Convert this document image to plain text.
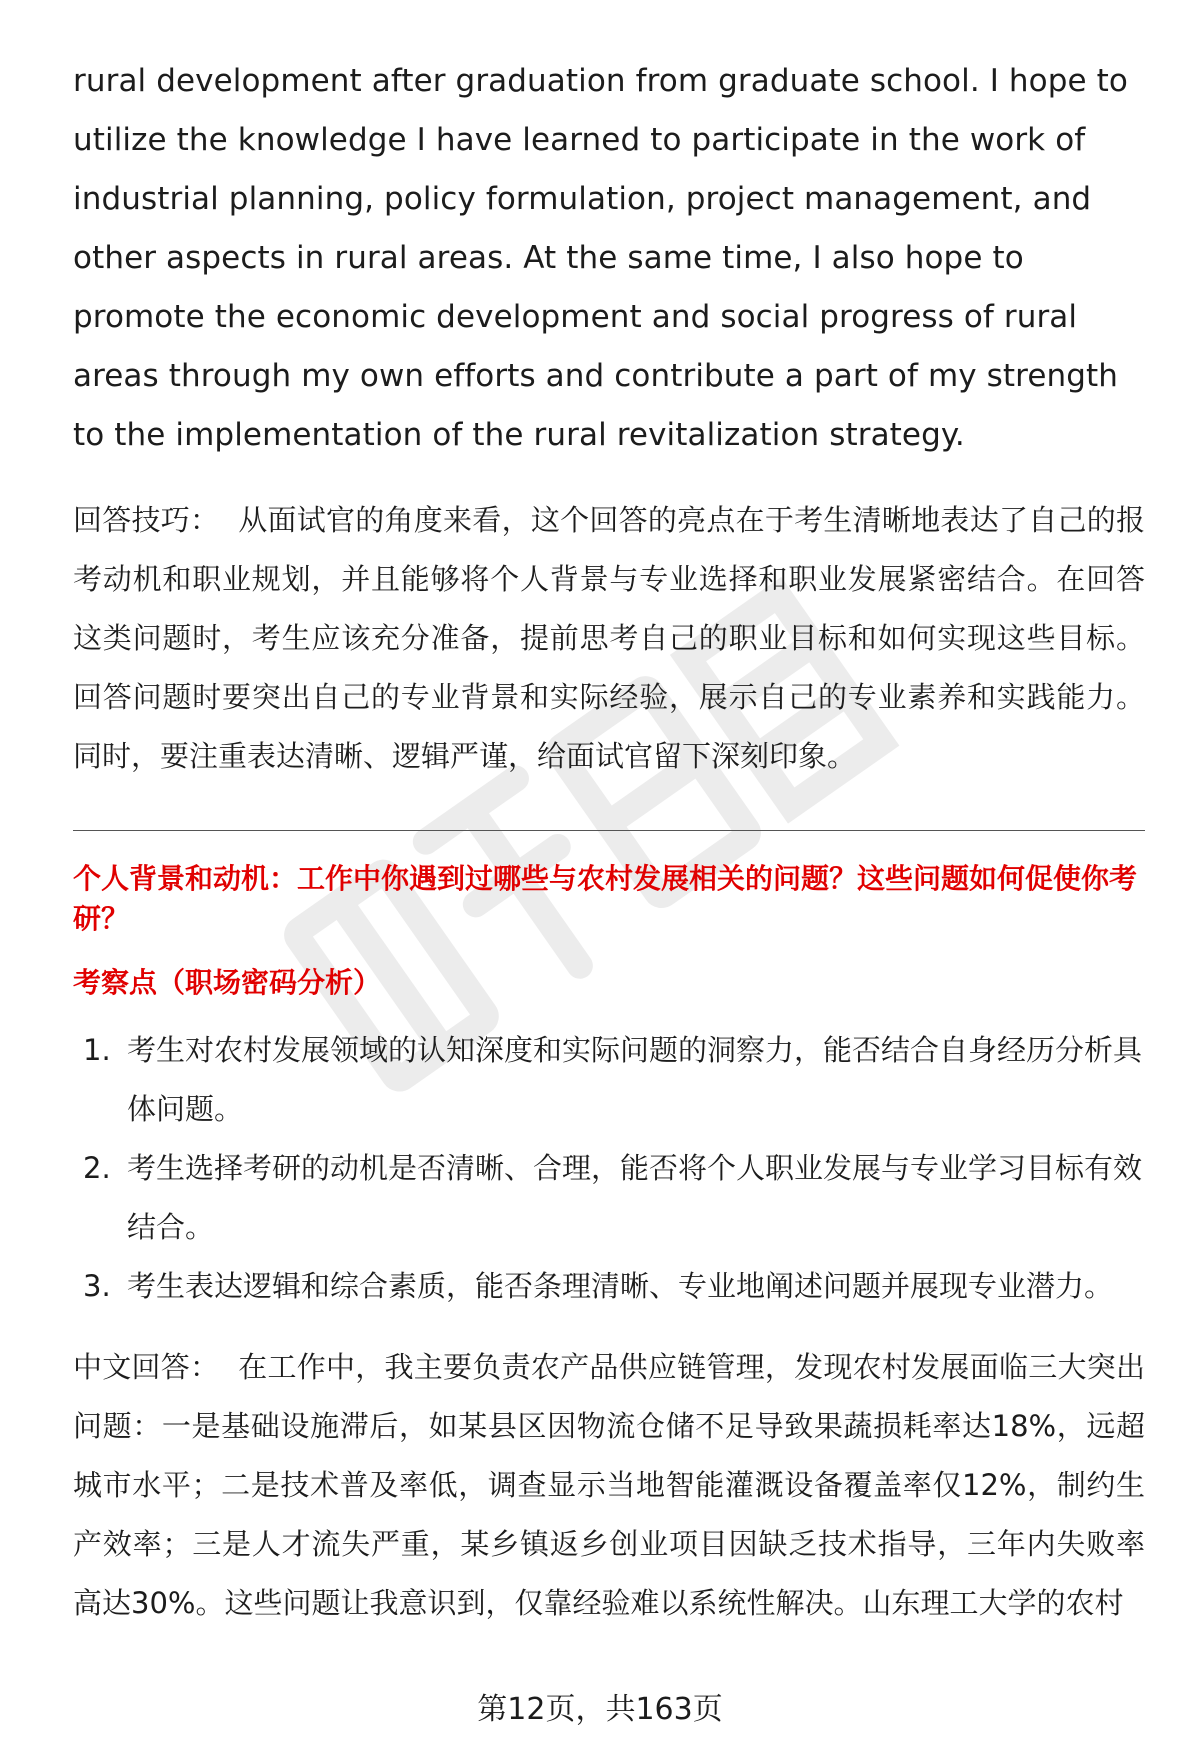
rural development after graduation from graduate school. I hope to utilize the knowledge I have learned to participate in the work of industrial planning, policy formulation, project management, and other aspects in rural areas. At the same time, I also hope to promote the economic development and social progress of rural areas through my own efforts and contribute a part of my strength to the implementation of the rural revitalization strategy.

回答技巧： 从面试官的角度来看，这个回答的亮点在于考生清晰地表达了自己的报考动机和职业规划，并且能够将个人背景与专业选择和职业发展紧密结合。在回答这类问题时，考生应该充分准备，提前思考自己的职业目标和如何实现这些目标。回答问题时要突出自己的专业背景和实际经验，展示自己的专业素养和实践能力。同时，要注重表达清晰、逻辑严谨，给面试官留下深刻印象。

个人背景和动机：工作中你遇到过哪些与农村发展相关的问题？这些问题如何促使你考研？
考察点（职场密码分析）
1. 考生对农村发展领域的认知深度和实际问题的洞察力，能否结合自身经历分析具体问题。
2. 考生选择考研的动机是否清晰、合理，能否将个人职业发展与专业学习目标有效结合。
3. 考生表达逻辑和综合素质，能否条理清晰、专业地阐述问题并展现专业潜力。

中文回答： 在工作中，我主要负责农产品供应链管理，发现农村发展面临三大突出问题：一是基础设施滞后，如某县区因物流仓储不足导致果蔬损耗率达18%，远超城市水平；二是技术普及率低，调查显示当地智能灌溉设备覆盖率仅12%，制约生产效率；三是人才流失严重，某乡镇返乡创业项目因缺乏技术指导，三年内失败率高达30%。这些问题让我意识到，仅靠经验难以系统性解决。山东理工大学的农村

第12页，共163页
